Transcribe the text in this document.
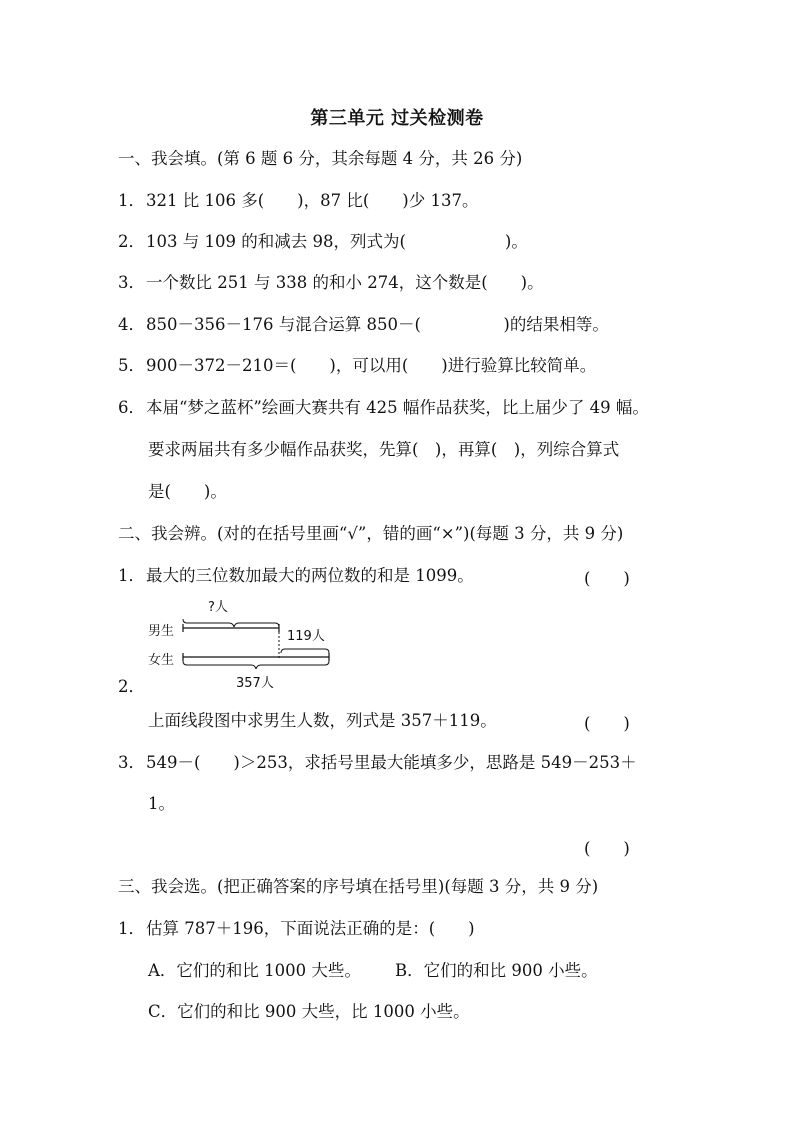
第三单元 过关检测卷
一、我会填。(第 6 题 6 分，其余每题 4 分，共 26 分)
1．321 比 106 多(　　)，87 比(　　)少 137。
2．103 与 109 的和减去 98，列式为(　　　　　　)。
3．一个数比 251 与 338 的和小 274，这个数是(　　)。
4．850－356－176 与混合运算 850－(　　　　　)的结果相等。
5．900－372－210＝(　　)，可以用(　　)进行验算比较简单。
6．本届“梦之蓝杯”绘画大赛共有 425 幅作品获奖，比上届少了 49 幅。
要求两届共有多少幅作品获奖，先算(　)，再算(　)，列综合算式
是(　　)。
二、我会辨。(对的在括号里画“√”，错的画“×”)(每题 3 分，共 9 分)
1．最大的三位数加最大的两位数的和是 1099。	(　　)
?人
男生	119人
女生
357人
2．
上面线段图中求男生人数，列式是 357＋119。	(　　)
3．549－(　　)＞253，求括号里最大能填多少，思路是 549－253＋
1。
(　　)
三、我会选。(把正确答案的序号填在括号里)(每题 3 分，共 9 分)
1．估算 787＋196，下面说法正确的是：(　　)
A．它们的和比 1000 大些。 B．它们的和比 900 小些。
C．它们的和比 900 大些，比 1000 小些。
